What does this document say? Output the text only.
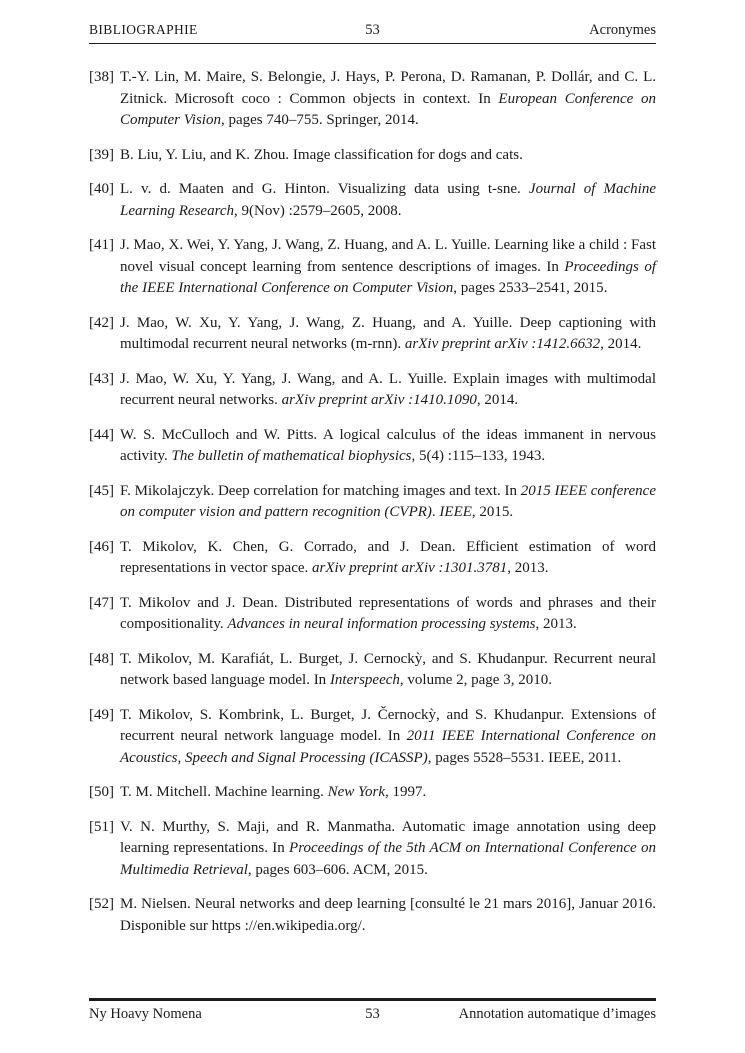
BIBLIOGRAPHIE	53	Acronymes
[38] T.-Y. Lin, M. Maire, S. Belongie, J. Hays, P. Perona, D. Ramanan, P. Dollár, and C. L. Zitnick. Microsoft coco : Common objects in context. In European Conference on Computer Vision, pages 740–755. Springer, 2014.
[39] B. Liu, Y. Liu, and K. Zhou. Image classification for dogs and cats.
[40] L. v. d. Maaten and G. Hinton. Visualizing data using t-sne. Journal of Machine Learning Research, 9(Nov) :2579–2605, 2008.
[41] J. Mao, X. Wei, Y. Yang, J. Wang, Z. Huang, and A. L. Yuille. Learning like a child : Fast novel visual concept learning from sentence descriptions of images. In Proceedings of the IEEE International Conference on Computer Vision, pages 2533–2541, 2015.
[42] J. Mao, W. Xu, Y. Yang, J. Wang, Z. Huang, and A. Yuille. Deep captioning with multimodal recurrent neural networks (m-rnn). arXiv preprint arXiv :1412.6632, 2014.
[43] J. Mao, W. Xu, Y. Yang, J. Wang, and A. L. Yuille. Explain images with multimodal recurrent neural networks. arXiv preprint arXiv :1410.1090, 2014.
[44] W. S. McCulloch and W. Pitts. A logical calculus of the ideas immanent in nervous activity. The bulletin of mathematical biophysics, 5(4) :115–133, 1943.
[45] F. Mikolajczyk. Deep correlation for matching images and text. In 2015 IEEE conference on computer vision and pattern recognition (CVPR). IEEE, 2015.
[46] T. Mikolov, K. Chen, G. Corrado, and J. Dean. Efficient estimation of word representations in vector space. arXiv preprint arXiv :1301.3781, 2013.
[47] T. Mikolov and J. Dean. Distributed representations of words and phrases and their compositionality. Advances in neural information processing systems, 2013.
[48] T. Mikolov, M. Karafiát, L. Burget, J. Cernockỳ, and S. Khudanpur. Recurrent neural network based language model. In Interspeech, volume 2, page 3, 2010.
[49] T. Mikolov, S. Kombrink, L. Burget, J. Černockỳ, and S. Khudanpur. Extensions of recurrent neural network language model. In 2011 IEEE International Conference on Acoustics, Speech and Signal Processing (ICASSP), pages 5528–5531. IEEE, 2011.
[50] T. M. Mitchell. Machine learning. New York, 1997.
[51] V. N. Murthy, S. Maji, and R. Manmatha. Automatic image annotation using deep learning representations. In Proceedings of the 5th ACM on International Conference on Multimedia Retrieval, pages 603–606. ACM, 2015.
[52] M. Nielsen. Neural networks and deep learning [consulté le 21 mars 2016], Januar 2016. Disponible sur https ://en.wikipedia.org/.
Ny Hoavy Nomena	53	Annotation automatique d’images
